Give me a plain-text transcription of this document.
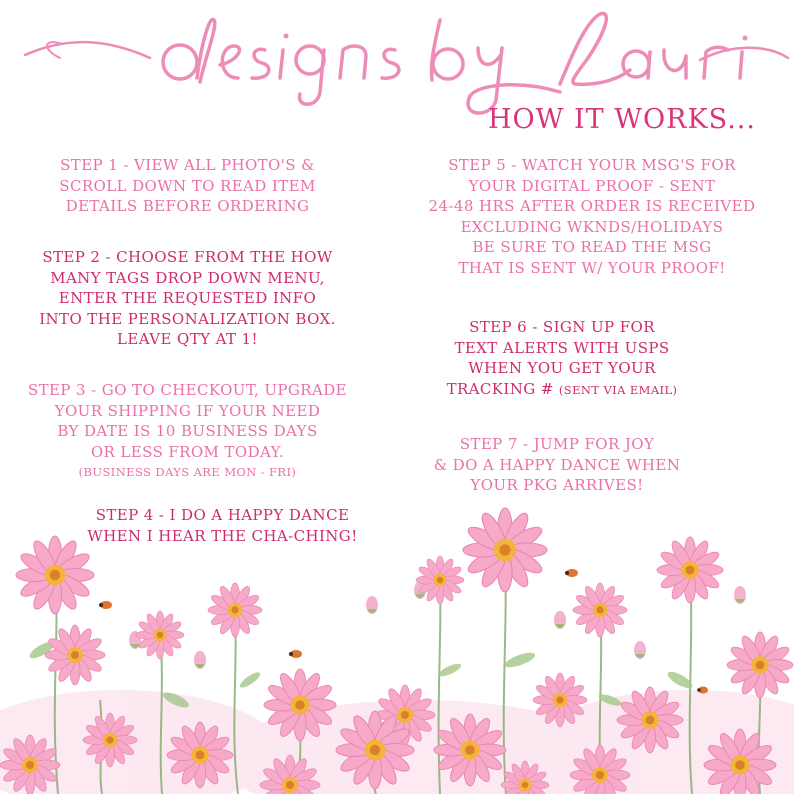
HOW IT WORKS...
STEP 1 - VIEW ALL PHOTO'S &
SCROLL DOWN TO READ ITEM
DETAILS BEFORE ORDERING
STEP 2 - CHOOSE FROM THE HOW
MANY TAGS DROP DOWN MENU,
ENTER THE REQUESTED INFO
INTO THE PERSONALIZATION BOX.
LEAVE QTY AT 1!
STEP 3 - GO TO CHECKOUT, UPGRADE
YOUR SHIPPING IF YOUR NEED
BY DATE IS 10 BUSINESS DAYS
OR LESS FROM TODAY.
(BUSINESS DAYS ARE MON - FRI)
STEP 4 - I DO A HAPPY DANCE
WHEN I HEAR THE CHA-CHING!
STEP 5 - WATCH YOUR MSG'S FOR
YOUR DIGITAL PROOF - SENT
24-48 HRS AFTER ORDER IS RECEIVED
EXCLUDING WKNDS/HOLIDAYS
BE SURE TO READ THE MSG
THAT IS SENT W/ YOUR PROOF!
STEP 6 - SIGN UP FOR
TEXT ALERTS WITH USPS
WHEN YOU GET YOUR
TRACKING # (SENT VIA EMAIL)
STEP 7 - JUMP FOR JOY
& DO A HAPPY DANCE WHEN
YOUR PKG ARRIVES!
